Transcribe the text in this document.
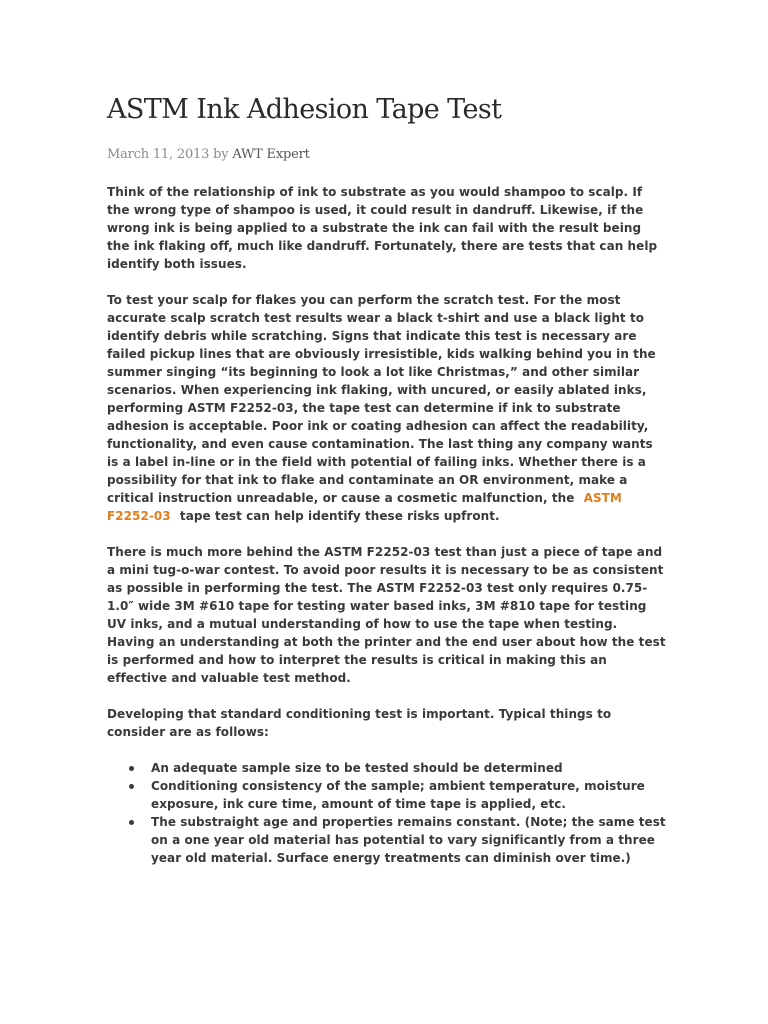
ASTM Ink Adhesion Tape Test
March 11, 2013 by AWT Expert

Think of the relationship of ink to substrate as you would shampoo to scalp. If the wrong type of shampoo is used, it could result in dandruff. Likewise, if the wrong ink is being applied to a substrate the ink can fail with the result being the ink flaking off, much like dandruff. Fortunately, there are tests that can help identify both issues.

To test your scalp for flakes you can perform the scratch test. For the most accurate scalp scratch test results wear a black t-shirt and use a black light to identify debris while scratching. Signs that indicate this test is necessary are failed pickup lines that are obviously irresistible, kids walking behind you in the summer singing “its beginning to look a lot like Christmas,” and other similar scenarios. When experiencing ink flaking, with uncured, or easily ablated inks, performing ASTM F2252-03, the tape test can determine if ink to substrate adhesion is acceptable. Poor ink or coating adhesion can affect the readability, functionality, and even cause contamination. The last thing any company wants is a label in-line or in the field with potential of failing inks. Whether there is a possibility for that ink to flake and contaminate an OR environment, make a critical instruction unreadable, or cause a cosmetic malfunction, the ASTM F2252-03 tape test can help identify these risks upfront.

There is much more behind the ASTM F2252-03 test than just a piece of tape and a mini tug-o-war contest. To avoid poor results it is necessary to be as consistent as possible in performing the test. The ASTM F2252-03 test only requires 0.75-1.0″ wide 3M #610 tape for testing water based inks, 3M #810 tape for testing UV inks, and a mutual understanding of how to use the tape when testing. Having an understanding at both the printer and the end user about how the test is performed and how to interpret the results is critical in making this an effective and valuable test method.

Developing that standard conditioning test is important. Typical things to consider are as follows:

An adequate sample size to be tested should be determined
Conditioning consistency of the sample; ambient temperature, moisture exposure, ink cure time, amount of time tape is applied, etc.
The substraight age and properties remains constant. (Note; the same test on a one year old material has potential to vary significantly from a three year old material. Surface energy treatments can diminish over time.)
